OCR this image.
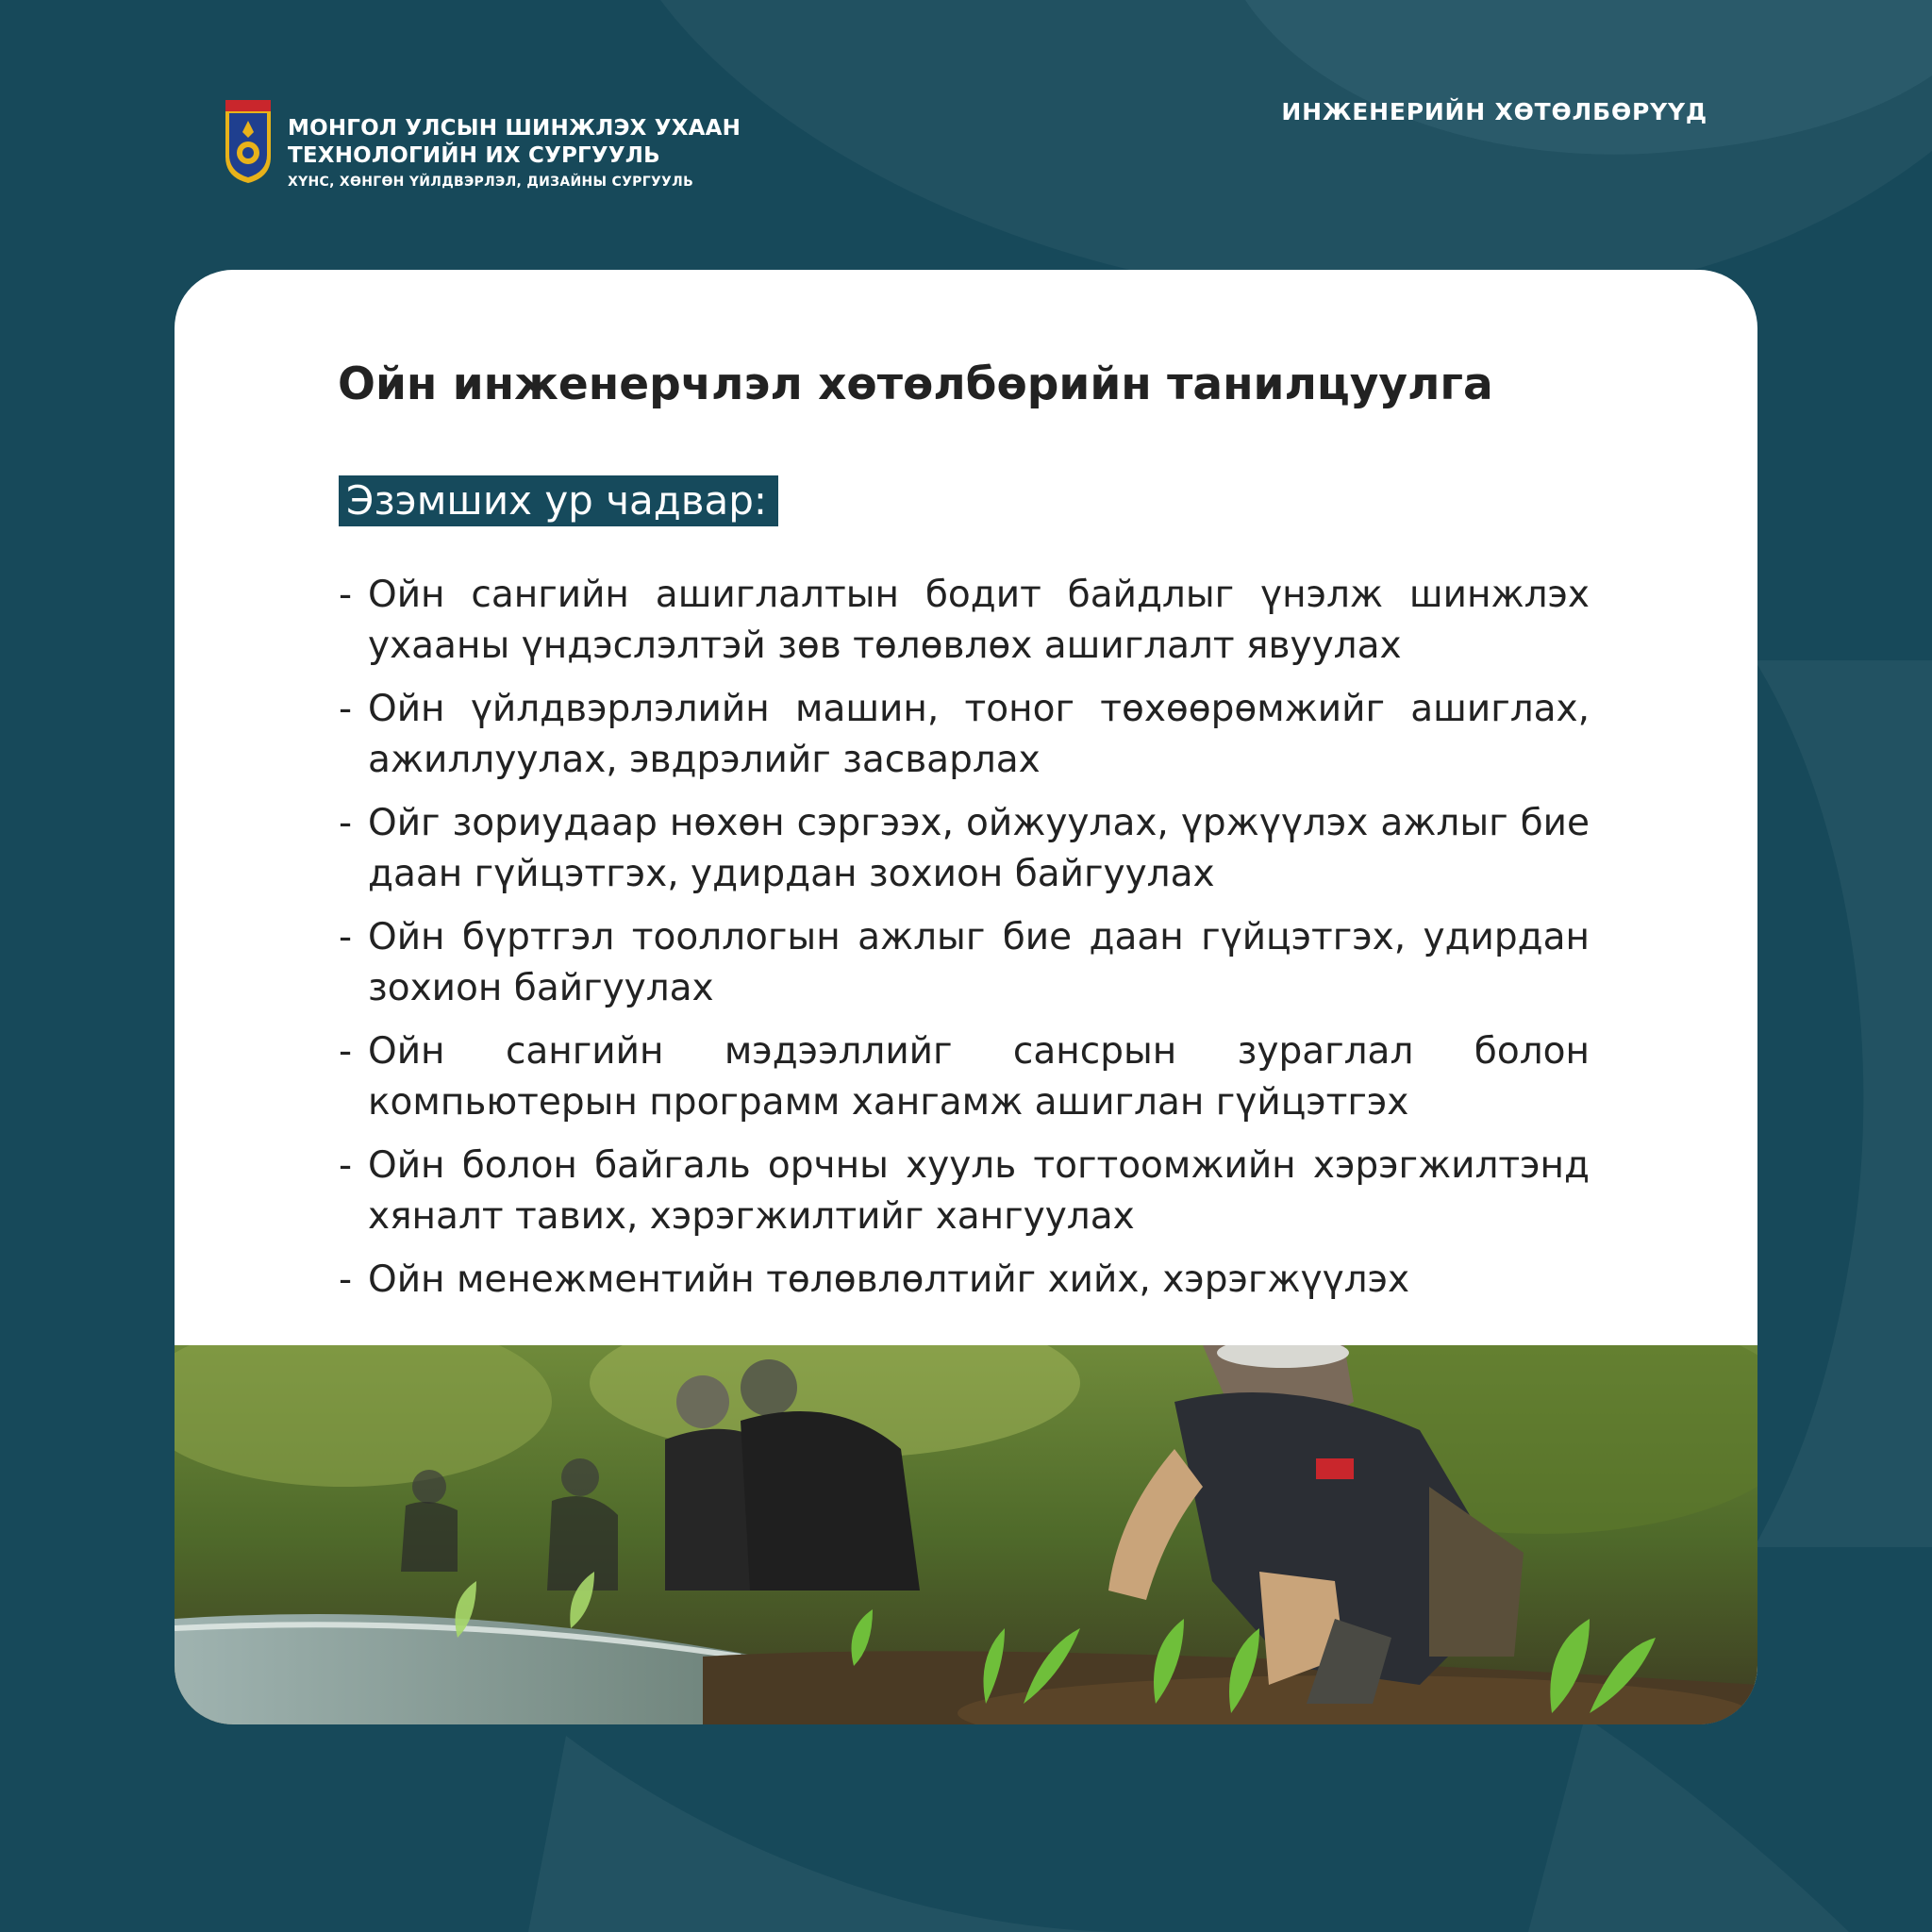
МОНГОЛ УЛСЫН ШИНЖЛЭХ УХААН
ТЕХНОЛОГИЙН ИХ СУРГУУЛЬ
ХҮНС, ХӨНГӨН ҮЙЛДВЭРЛЭЛ, ДИЗАЙНЫ СУРГУУЛЬ
ИНЖЕНЕРИЙН ХӨТӨЛБӨРҮҮД
Ойн инженерчлэл хөтөлбөрийн танилцуулга
Эзэмших ур чадвар:
- Ойн сангийн ашиглалтын бодит байдлыг үнэлж шинжлэх ухааны үндэслэлтэй зөв төлөвлөх ашиглалт явуулах
- Ойн үйлдвэрлэлийн машин, тоног төхөөрөмжийг ашиглах, ажиллуулах, эвдрэлийг засварлах
- Ойг зориудаар нөхөн сэргээх, ойжуулах, үржүүлэх ажлыг бие даан гүйцэтгэх, удирдан зохион байгуулах
- Ойн бүртгэл тооллогын ажлыг бие даан гүйцэтгэх, удирдан зохион байгуулах
- Ойн сангийн мэдээллийг сансрын зураглал болон компьютерын программ хангамж ашиглан гүйцэтгэх
- Ойн болон байгаль орчны хууль тогтоомжийн хэрэгжилтэнд хяналт тавих, хэрэгжилтийг хангуулах
- Ойн менежментийн төлөвлөлтийг хийх, хэрэгжүүлэх
